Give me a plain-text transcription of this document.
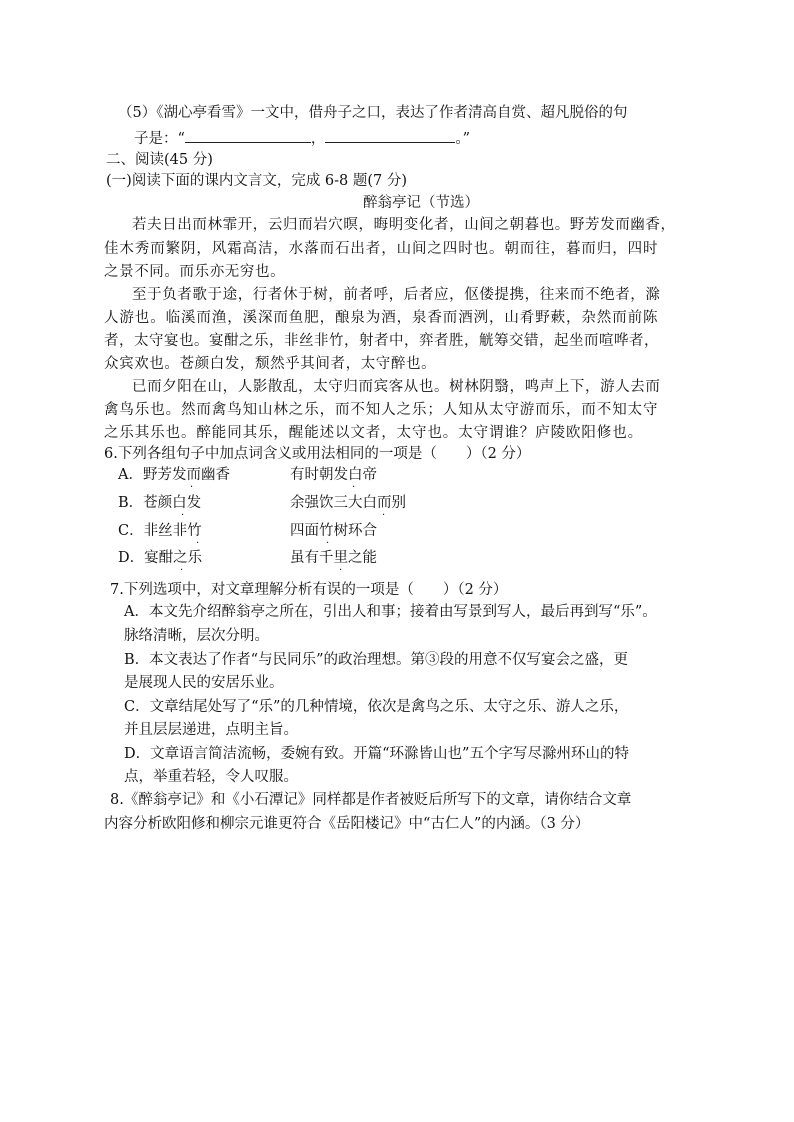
（5）《湖心亭看雪》一文中，借舟子之口，表达了作者清高自赏、超凡脱俗的句
子是：“	，	。”
二、阅读(45 分)
(一)阅读下面的课内文言文，完成 6-8 题(7 分)
醉翁亭记（节选）
若夫日出而林霏开，云归而岩穴暝，晦明变化者，山间之朝暮也。野芳发而幽香，
佳木秀而繁阴，风霜高洁，水落而石出者，山间之四时也。朝而往，暮而归，四时
之景不同。而乐亦无穷也。
至于负者歌于途，行者休于树，前者呼，后者应，伛偻提携，往来而不绝者，滁
人游也。临溪而渔，溪深而鱼肥，酿泉为酒，泉香而酒洌，山肴野蔌，杂然而前陈
者，太守宴也。宴酣之乐，非丝非竹，射者中，弈者胜，觥筹交错，起坐而喧哗者，
众宾欢也。苍颜白发，颓然乎其间者，太守醉也。
已而夕阳在山，人影散乱，太守归而宾客从也。树林阴翳，鸣声上下，游人去而
禽鸟乐也。然而禽鸟知山林之乐，而不知人之乐；人知从太守游而乐，而不知太守
之乐其乐也。醉能同其乐，醒能述以文者，太守也。太守谓谁？庐陵欧阳修也。
6.下列各组句子中加点词含义或用法相同的一项是（　　）（2 分）
A．野芳发而幽香	有时朝发白帝
B．苍颜白发	余强饮三大白而别
C．非丝非竹	四面竹树环合
D．宴酣之乐	虽有千里之能
·	·
·	·
·	·
·	·
7.下列选项中，对文章理解分析有误的一项是（　　）（2 分）
A．本文先介绍醉翁亭之所在，引出人和事；接着由写景到写人，最后再到写“乐”。
脉络清晰，层次分明。
B．本文表达了作者“与民同乐”的政治理想。第③段的用意不仅写宴会之盛，更
是展现人民的安居乐业。
C．文章结尾处写了“乐”的几种情境，依次是禽鸟之乐、太守之乐、游人之乐，
并且层层递进，点明主旨。
D．文章语言简洁流畅，委婉有致。开篇“环滁皆山也”五个字写尽滁州环山的特
点，举重若轻，令人叹服。
8.《醉翁亭记》和《小石潭记》同样都是作者被贬后所写下的文章，请你结合文章
内容分析欧阳修和柳宗元谁更符合《岳阳楼记》中“古仁人”的内涵。（3 分）
